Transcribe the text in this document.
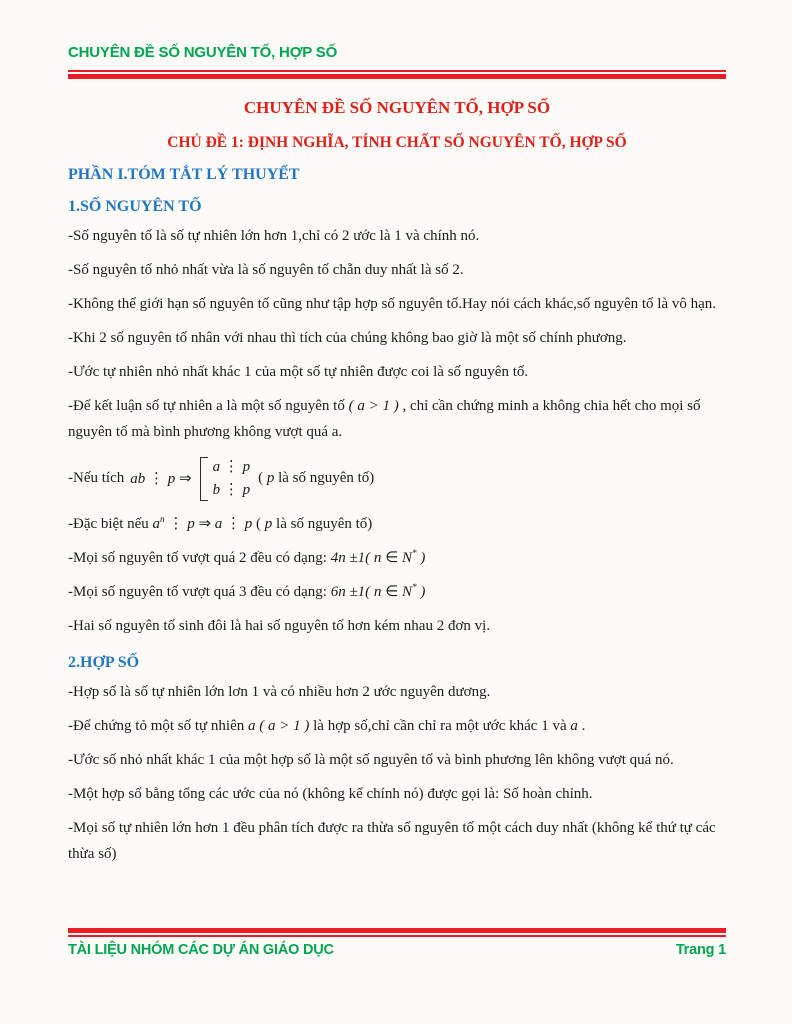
CHUYÊN ĐỀ SỐ NGUYÊN TỐ, HỢP SỐ
CHUYÊN ĐỀ SỐ NGUYÊN TỐ, HỢP SỐ
CHỦ ĐỀ 1: ĐỊNH NGHĨA, TÍNH CHẤT SỐ NGUYÊN TỐ, HỢP SỐ
PHẦN I.TÓM TẮT LÝ THUYẾT
1.SỐ NGUYÊN TỐ
-Số nguyên tố là số tự nhiên lớn hơn 1,chỉ có 2 ước là 1 và chính nó.
-Số nguyên tố nhỏ nhất vừa là số nguyên tố chẵn duy nhất là số 2.
-Không thể giới hạn số nguyên tố cũng như tập hợp số nguyên tố.Hay nói cách khác,số nguyên tố là vô hạn.
-Khi 2 số nguyên tố nhân với nhau thì tích của chúng không bao giờ là một số chính phương.
-Ước tự nhiên nhỏ nhất khác 1 của một số tự nhiên được coi là số nguyên tố.
-Để kết luận số tự nhiên a là một số nguyên tố ( a > 1 ) , chỉ cần chứng minh a không chia hết cho mọi số nguyên tố mà bình phương không vượt quá a.
-Nếu tích ab ⋮ p ⇒
a ⋮ p
b ⋮ p
( p là số nguyên tố)
-Đặc biệt nếu $a^n$ ⋮ p ⇒ a ⋮ p ( p là số nguyên tố)
-Mọi số nguyên tố vượt quá 2 đều có dạng: 4n ±1( n ∈ N* )
-Mọi số nguyên tố vượt quá 3 đều có dạng: 6n ±1( n ∈ N* )
-Hai số nguyên tố sinh đôi là hai số nguyên tố hơn kém nhau 2 đơn vị.
2.HỢP SỐ
-Hợp số là số tự nhiên lớn lơn 1 và có nhiều hơn 2 ước nguyên dương.
-Để chứng tỏ một số tự nhiên a ( a > 1 ) là hợp số,chỉ cần chỉ ra một ước khác 1 và a .
-Ước số nhỏ nhất khác 1 của một hợp số là một số nguyên tố và bình phương lên không vượt quá nó.
-Một hợp số bằng tổng các ước của nó (không kể chính nó) được gọi là: Số hoàn chỉnh.
-Mọi số tự nhiên lớn hơn 1 đều phân tích được ra thừa số nguyên tố một cách duy nhất (không kể thứ tự các thừa số)
TÀI LIỆU NHÓM CÁC DỰ ÁN GIÁO DỤC	Trang 1
